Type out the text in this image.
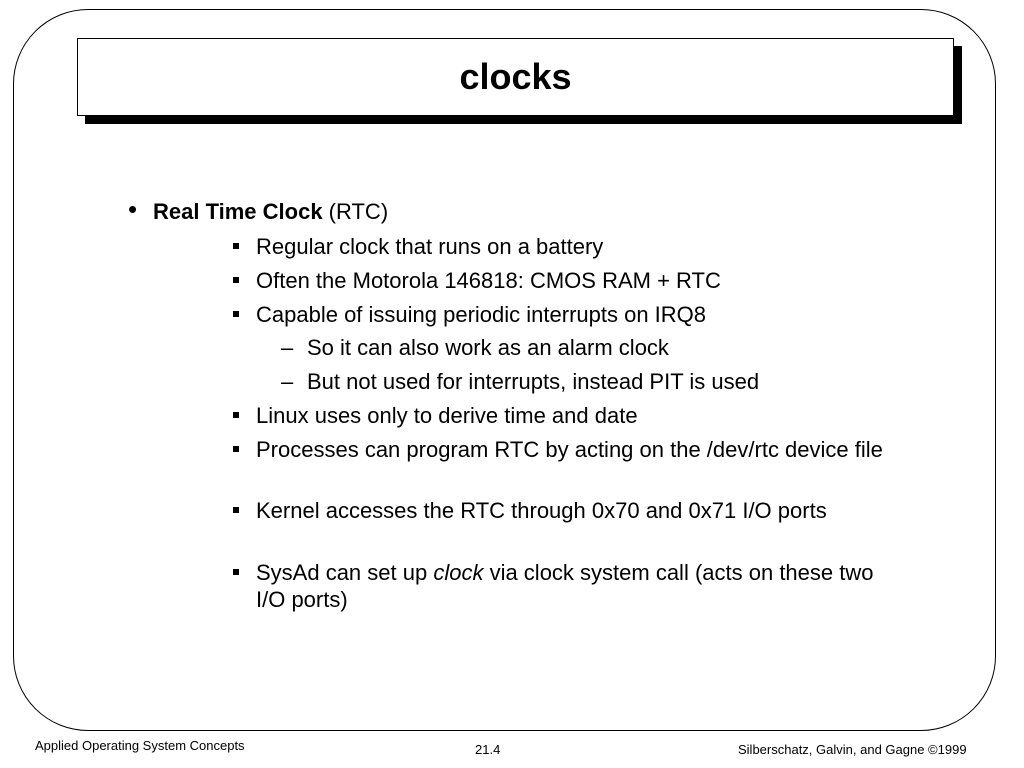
clocks
• Real Time Clock (RTC)
Regular clock that runs on a battery
Often the Motorola 146818: CMOS RAM + RTC
Capable of issuing periodic interrupts on IRQ8
– So it can also work as an alarm clock
– But not used for interrupts, instead PIT is used
Linux uses only to derive time and date
Processes can program RTC by acting on the /dev/rtc device file
Kernel accesses the RTC through 0x70 and 0x71 I/O ports
SysAd can set up clock via clock system call (acts on these two I/O ports)
Applied Operating System Concepts	21.4	Silberschatz, Galvin, and Gagne ©1999
